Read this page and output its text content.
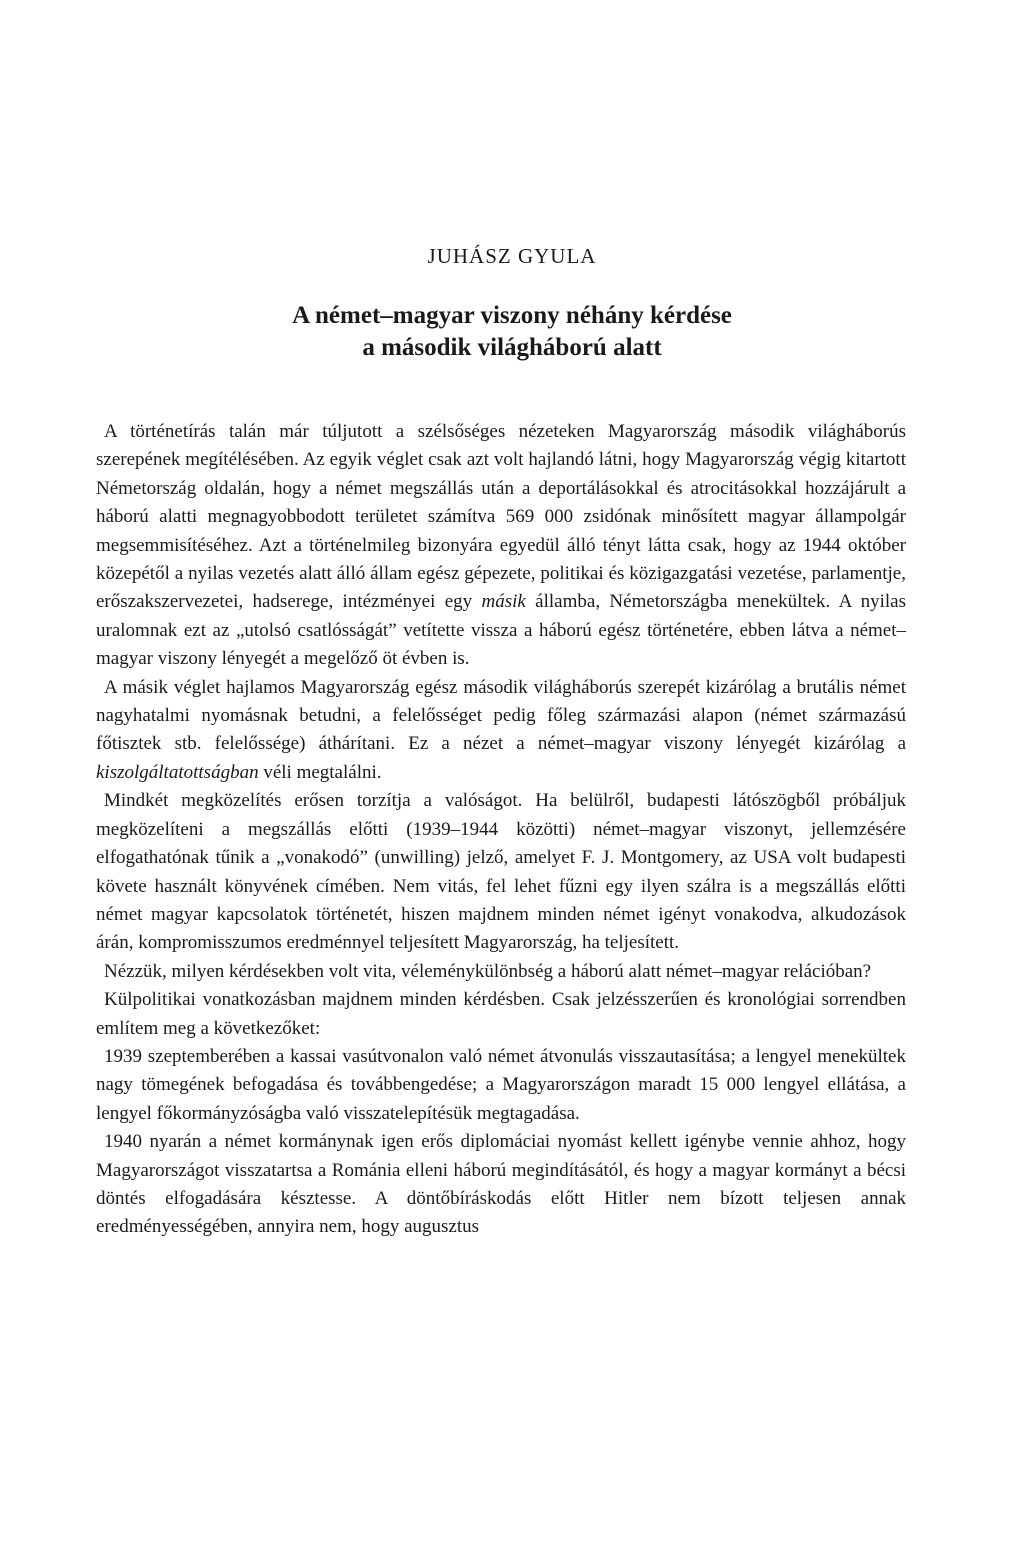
JUHÁSZ GYULA
A német–magyar viszony néhány kérdése
a második világháború alatt

A történetírás talán már túljutott a szélsőséges nézeteken Magyarország második világháborús szerepének megítélésében. Az egyik véglet csak azt volt hajlandó látni, hogy Magyarország végig kitartott Németország oldalán, hogy a német megszállás után a deportálásokkal és atrocitásokkal hozzájárult a háború alatti megnagyobbodott területet számítva 569 000 zsidónak minősített magyar állampolgár megsemmisítéséhez. Azt a történelmileg bizonyára egyedül álló tényt látta csak, hogy az 1944 október közepétől a nyilas vezetés alatt álló állam egész gépezete, politikai és közigazgatási vezetése, parlamentje, erőszakszervezetei, hadserege, intézményei egy másik államba, Németországba menekültek. A nyilas uralomnak ezt az „utolsó csatlósságát” vetítette vissza a háború egész történetére, ebben látva a német–magyar viszony lényegét a megelőző öt évben is.

A másik véglet hajlamos Magyarország egész második világháborús szerepét kizárólag a brutális német nagyhatalmi nyomásnak betudni, a felelősséget pedig főleg származási alapon (német származású főtisztek stb. felelőssége) áthárítani. Ez a nézet a német–magyar viszony lényegét kizárólag a kiszolgáltatottságban véli megtalálni.

Mindkét megközelítés erősen torzítja a valóságot. Ha belülről, budapesti látószögből próbáljuk megközelíteni a megszállás előtti (1939–1944 közötti) német–magyar viszonyt, jellemzésére elfogathatónak tűnik a „vonakodó” (unwilling) jelző, amelyet F. J. Montgomery, az USA volt budapesti követe használt könyvének címében. Nem vitás, fel lehet fűzni egy ilyen szálra is a megszállás előtti német magyar kapcsolatok történetét, hiszen majdnem minden német igényt vonakodva, alkudozások árán, kompromisszumos eredménnyel teljesített Magyarország, ha teljesített.

Nézzük, milyen kérdésekben volt vita, véleménykülönbség a háború alatt német–magyar relációban?

Külpolitikai vonatkozásban majdnem minden kérdésben. Csak jelzésszerűen és kronológiai sorrendben említem meg a következőket:

1939 szeptemberében a kassai vasútvonalon való német átvonulás visszautasítása; a lengyel menekültek nagy tömegének befogadása és továbbengedése; a Magyarországon maradt 15 000 lengyel ellátása, a lengyel főkormányzóságba való visszatelepítésük megtagadása.

1940 nyarán a német kormánynak igen erős diplomáciai nyomást kellett igénybe vennie ahhoz, hogy Magyarországot visszatartsa a Románia elleni háború megindításától, és hogy a magyar kormányt a bécsi döntés elfogadására késztesse. A döntőbíráskodás előtt Hitler nem bízott teljesen annak eredményességében, annyira nem, hogy augusztus
